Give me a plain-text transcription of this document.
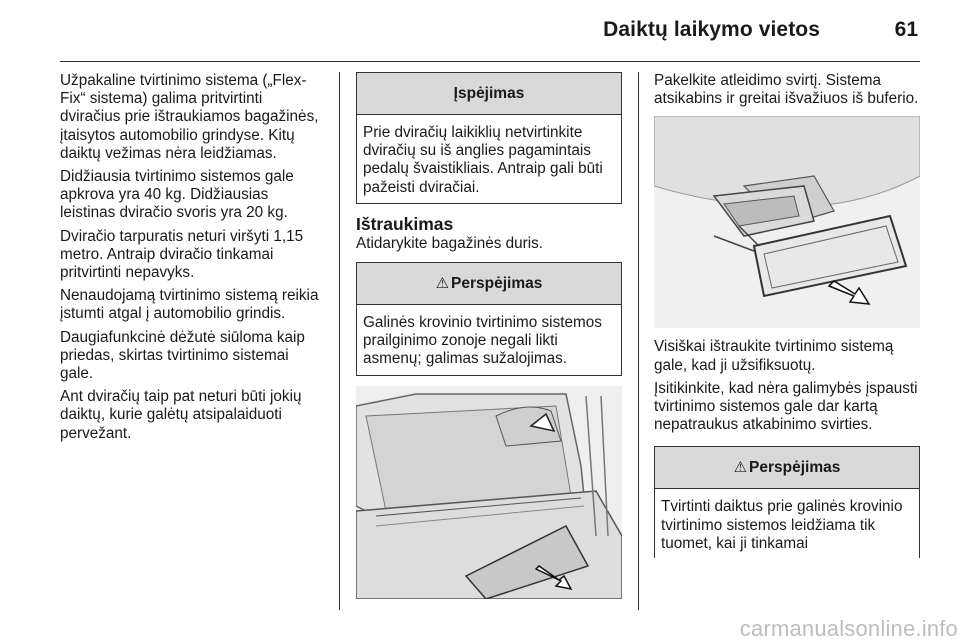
Daiktų laikymo vietos	61

Užpakaline tvirtinimo sistema („Flex-Fix“ sistema) galima pritvirtinti dviračius prie ištraukiamos bagažinės, įtaisytos automobilio grindyse. Kitų daiktų vežimas nėra leidžiamas.

Didžiausia tvirtinimo sistemos gale apkrova yra 40 kg. Didžiausias leistinas dviračio svoris yra 20 kg.

Dviračio tarpuratis neturi viršyti 1,15 metro. Antraip dviračio tinkamai pritvirtinti nepavyks.

Nenaudojamą tvirtinimo sistemą reikia įstumti atgal į automobilio grindis.

Daugiafunkcinė dėžutė siūloma kaip priedas, skirtas tvirtinimo sistemai gale.

Ant dviračių taip pat neturi būti jokių daiktų, kurie galėtų atsipalaiduoti pervežant.

Įspėjimas
Prie dviračių laikiklių netvirtinkite dviračių su iš anglies pagamintais pedalų švaistikliais. Antraip gali būti pažeisti dviračiai.
Ištraukimas

Atidarykite bagažinės duris.

⚠ Perspėjimas
Galinės krovinio tvirtinimo sistemos prailginimo zonoje negali likti asmenų; galimas sužalojimas.

Pakelkite atleidimo svirtį. Sistema atsikabins ir greitai išvažiuos iš buferio.

Visiškai ištraukite tvirtinimo sistemą gale, kad ji užsifiksuotų.

Įsitikinkite, kad nėra galimybės įspausti tvirtinimo sistemos gale dar kartą nepatraukus atkabinimo svirties.

⚠ Perspėjimas
Tvirtinti daiktus prie galinės krovinio tvirtinimo sistemos leidžiama tik tuomet, kai ji tinkamai
carmanualsonline.info
